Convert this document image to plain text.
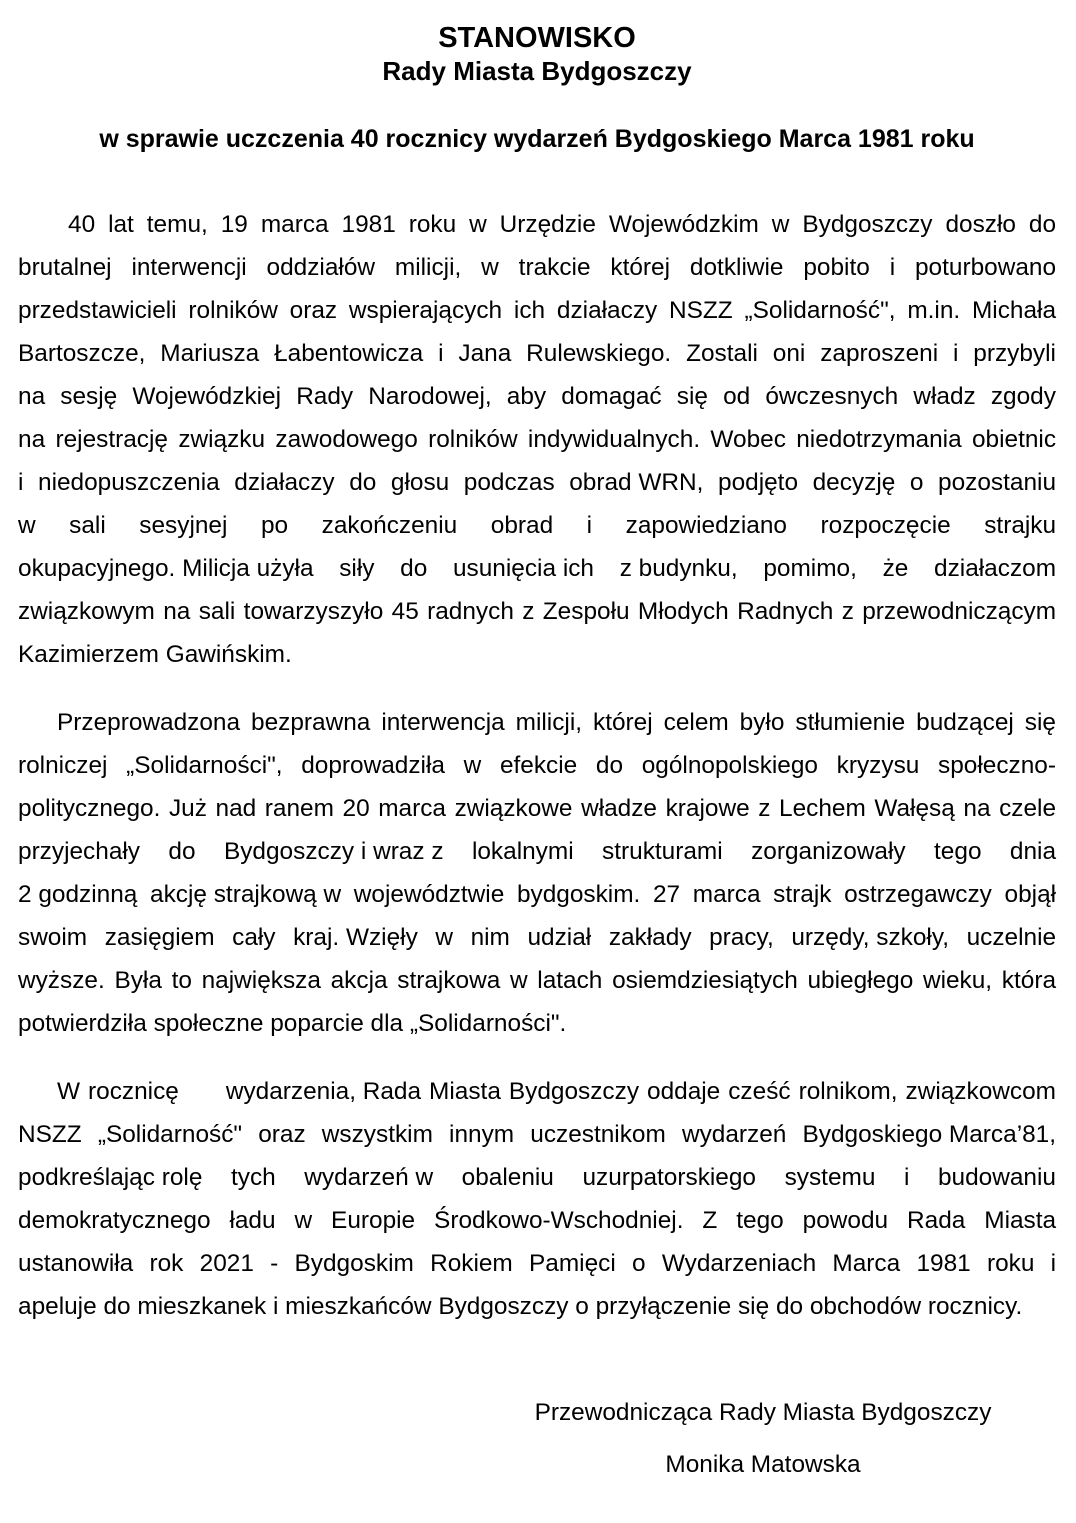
STANOWISKO
Rady Miasta Bydgoszczy
w sprawie uczczenia 40 rocznicy wydarzeń Bydgoskiego Marca 1981 roku
40 lat temu, 19 marca 1981 roku w Urzędzie Wojewódzkim w Bydgoszczy doszło do
brutalnej interwencji oddziałów milicji, w trakcie której dotkliwie pobito i poturbowano
przedstawicieli rolników oraz wspierających ich działaczy NSZZ „Solidarność", m.in. Michała
Bartoszcze, Mariusza Łabentowicza i Jana Rulewskiego. Zostali oni zaproszeni i przybyli
na sesję Wojewódzkiej Rady Narodowej, aby domagać się od ówczesnych władz zgody
na rejestrację związku zawodowego rolników indywidualnych. Wobec niedotrzymania obietnic
i niedopuszczenia działaczy do głosu podczas obrad WRN, podjęto decyzję o pozostaniu
w sali sesyjnej po zakończeniu obrad i zapowiedziano rozpoczęcie strajku
okupacyjnego. Milicja użyła siły do usunięcia ich z budynku, pomimo, że działaczom
związkowym na sali towarzyszyło 45 radnych z Zespołu Młodych Radnych z przewodniczącym
Kazimierzem Gawińskim.
Przeprowadzona bezprawna interwencja milicji, której celem było stłumienie budzącej się
rolniczej „Solidarności", doprowadziła w efekcie do ogólnopolskiego kryzysu społeczno-
politycznego. Już nad ranem 20 marca związkowe władze krajowe z Lechem Wałęsą na czele
przyjechały do Bydgoszczy i wraz z lokalnymi strukturami zorganizowały tego dnia
2 godzinną akcję strajkową w województwie bydgoskim. 27 marca strajk ostrzegawczy objął
swoim zasięgiem cały kraj. Wzięły w nim udział zakłady pracy, urzędy, szkoły, uczelnie
wyższe. Była to największa akcja strajkowa w latach osiemdziesiątych ubiegłego wieku, która
potwierdziła społeczne poparcie dla „Solidarności".
W rocznicę wydarzenia, Rada Miasta Bydgoszczy oddaje cześć rolnikom, związkowcom
NSZZ „Solidarność" oraz wszystkim innym uczestnikom wydarzeń Bydgoskiego Marca’81,
podkreślając rolę tych wydarzeń w obaleniu uzurpatorskiego systemu i budowaniu
demokratycznego ładu w Europie Środkowo-Wschodniej. Z tego powodu Rada Miasta
ustanowiła rok 2021 - Bydgoskim Rokiem Pamięci o Wydarzeniach Marca 1981 roku i
apeluje do mieszkanek i mieszkańców Bydgoszczy o przyłączenie się do obchodów rocznicy.
Przewodnicząca Rady Miasta Bydgoszczy
Monika Matowska
